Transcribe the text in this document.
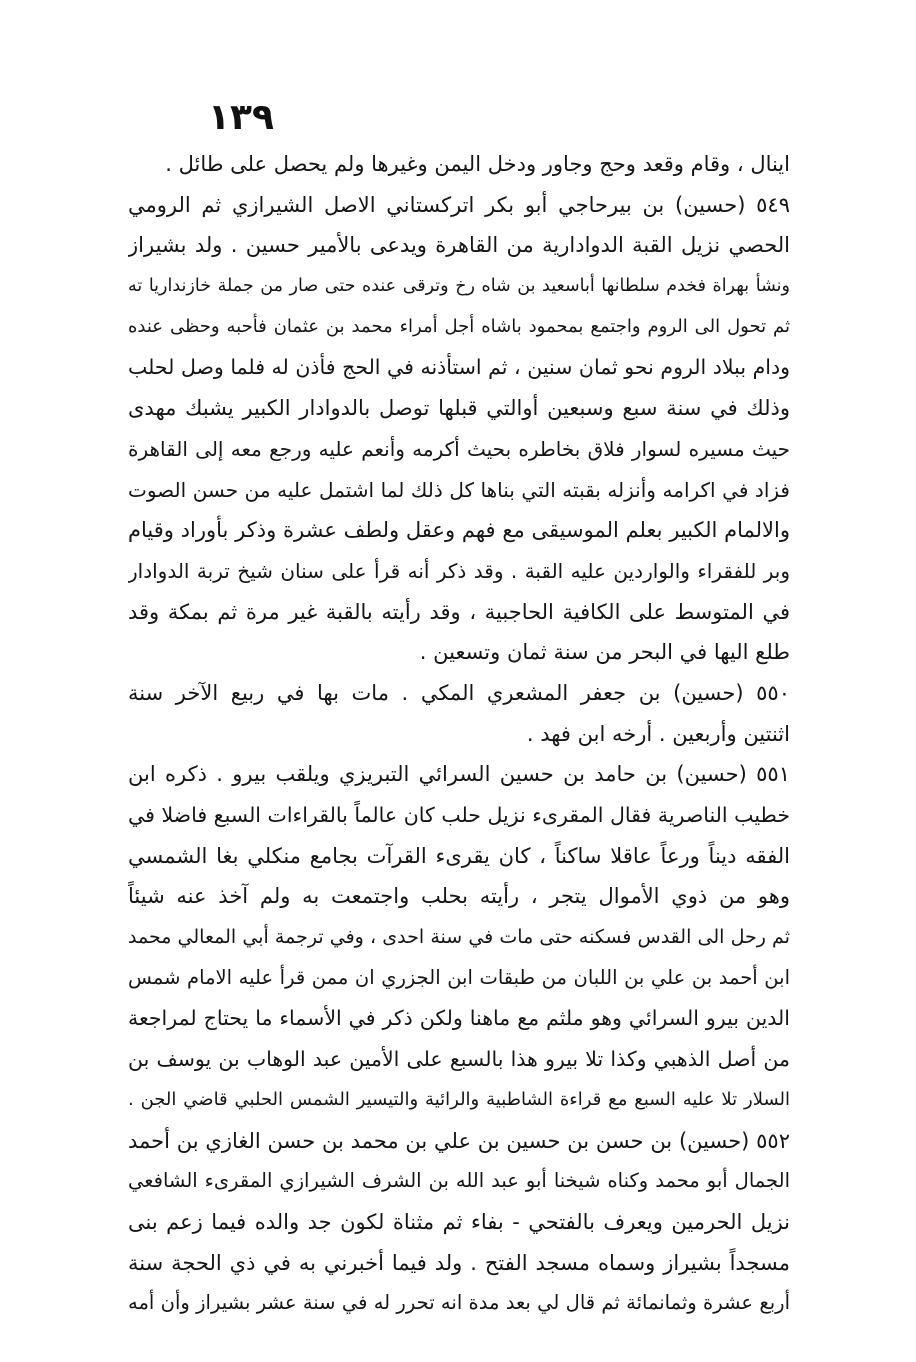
١٣٩
اينال ، وقام وقعد وحج وجاور ودخل اليمن وغيرها ولم يحصل على طائل .
٥٤٩ (حسين) بن بيرحاجي أبو بكر اتركستاني الاصل الشيرازي ثم الرومي
الحصي نزيل القبة الدوادارية من القاهرة ويدعى بالأمير حسين . ولد بشيراز
ونشأ بهراة فخدم سلطانها أباسعيد بن شاه رخ وترقى عنده حتى صار من جملة خازنداريا ته
ثم تحول الى الروم واجتمع بمحمود باشاه أجل أمراء محمد بن عثمان فأحبه وحظى عنده
ودام ببلاد الروم نحو ثمان سنين ، ثم استأذنه في الحج فأذن له فلما وصل لحلب
وذلك في سنة سبع وسبعين أوالتي قبلها توصل بالدوادار الكبير يشبك مهدى
حيث مسيره لسوار فلاق بخاطره بحيث أكرمه وأنعم عليه ورجع معه إلى القاهرة
فزاد في اكرامه وأنزله بقبته التي بناها كل ذلك لما اشتمل عليه من حسن الصوت
والالمام الكبير بعلم الموسيقى مع فهم وعقل ولطف عشرة وذكر بأوراد وقيام
وبر للفقراء والواردين عليه القبة . وقد ذكر أنه قرأ على سنان شيخ تربة الدوادار
في المتوسط على الكافية الحاجبية ، وقد رأيته بالقبة غير مرة ثم بمكة وقد
طلع اليها في البحر من سنة ثمان وتسعين .
٥٥٠ (حسين) بن جعفر المشعري المكي . مات بها في ربيع الآخر سنة
اثنتين وأربعين . أرخه ابن فهد .
٥٥١ (حسين) بن حامد بن حسين السرائي التبريزي ويلقب بيرو . ذكره ابن
خطيب الناصرية فقال المقرىء نزيل حلب كان عالماً بالقراءات السبع فاضلا في
الفقه ديناً ورعاً عاقلا ساكناً ، كان يقرىء القرآت بجامع منكلي بغا الشمسي
وهو من ذوي الأموال يتجر ، رأيته بحلب واجتمعت به ولم آخذ عنه شيئاً
ثم رحل الى القدس فسكنه حتى مات في سنة احدى ، وفي ترجمة أبي المعالي محمد
ابن أحمد بن علي بن اللبان من طبقات ابن الجزري ان ممن قرأ عليه الامام شمس
الدين بيرو السرائي وهو ملثم مع ماهنا ولكن ذكر في الأسماء ما يحتاج لمراجعة
من أصل الذهبي وكذا تلا بيرو هذا بالسبع على الأمين عبد الوهاب بن يوسف بن
السلار تلا عليه السبع مع قراءة الشاطبية والرائية والتيسير الشمس الحلبي قاضي الجن .
٥٥٢ (حسين) بن حسن بن حسين بن علي بن محمد بن حسن الغازي بن أحمد
الجمال أبو محمد وكناه شيخنا أبو عبد الله بن الشرف الشيرازي المقرىء الشافعي
نزيل الحرمين ويعرف بالفتحي - بفاء ثم مثناة لكون جد والده فيما زعم بنى
مسجداً بشيراز وسماه مسجد الفتح . ولد فيما أخبرني به في ذي الحجة سنة
أربع عشرة وثمانمائة ثم قال لي بعد مدة انه تحرر له في سنة عشر بشيراز وأن أمه
